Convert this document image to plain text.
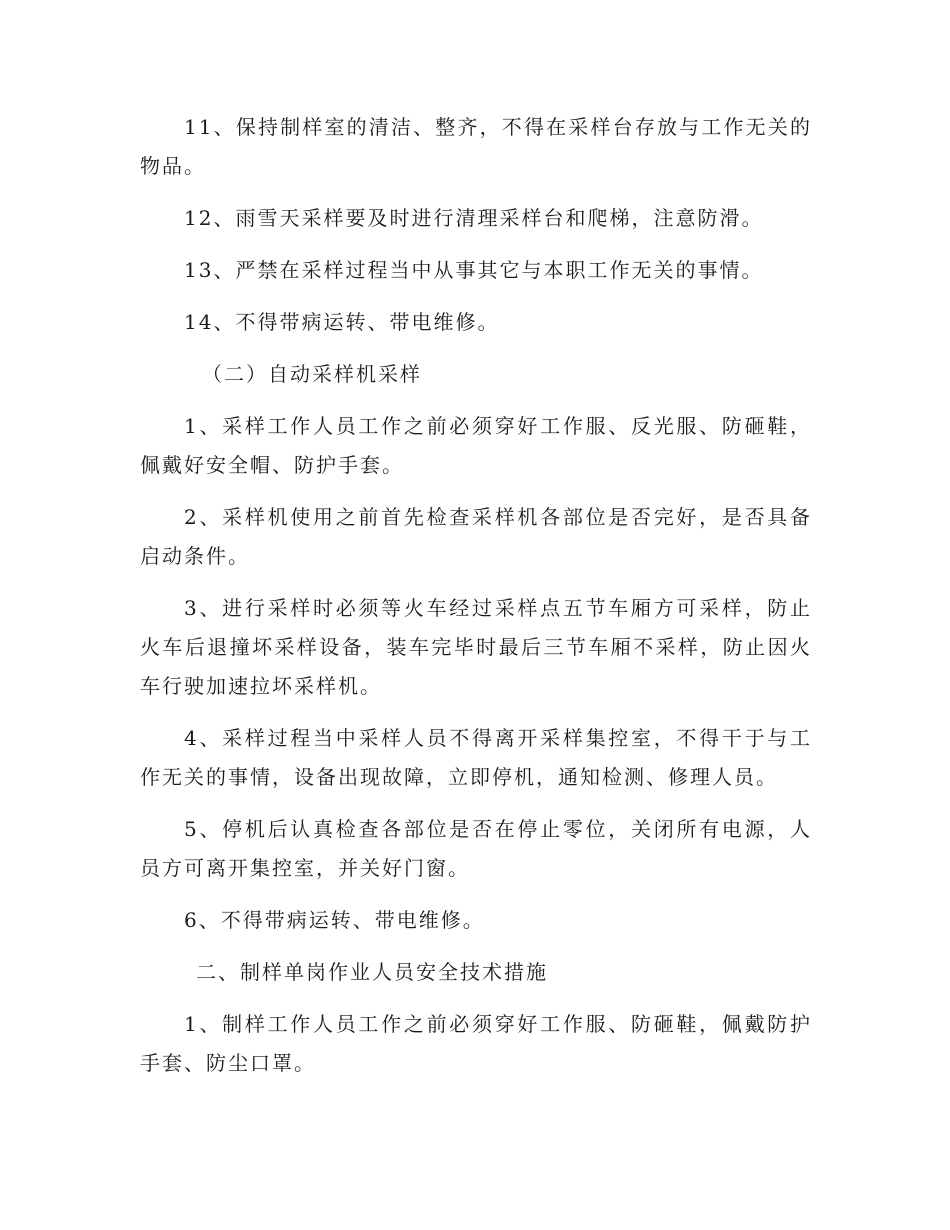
11、保持制样室的清洁、整齐，不得在采样台存放与工作无关的物品。

12、雨雪天采样要及时进行清理采样台和爬梯，注意防滑。

13、严禁在采样过程当中从事其它与本职工作无关的事情。

14、不得带病运转、带电维修。

（二）自动采样机采样

1、采样工作人员工作之前必须穿好工作服、反光服、防砸鞋，佩戴好安全帽、防护手套。

2、采样机使用之前首先检查采样机各部位是否完好，是否具备启动条件。

3、进行采样时必须等火车经过采样点五节车厢方可采样，防止火车后退撞坏采样设备，装车完毕时最后三节车厢不采样，防止因火车行驶加速拉坏采样机。

4、采样过程当中采样人员不得离开采样集控室，不得干于与工作无关的事情，设备出现故障，立即停机，通知检测、修理人员。

5、停机后认真检查各部位是否在停止零位，关闭所有电源，人员方可离开集控室，并关好门窗。

6、不得带病运转、带电维修。

二、制样单岗作业人员安全技术措施

1、制样工作人员工作之前必须穿好工作服、防砸鞋，佩戴防护手套、防尘口罩。
